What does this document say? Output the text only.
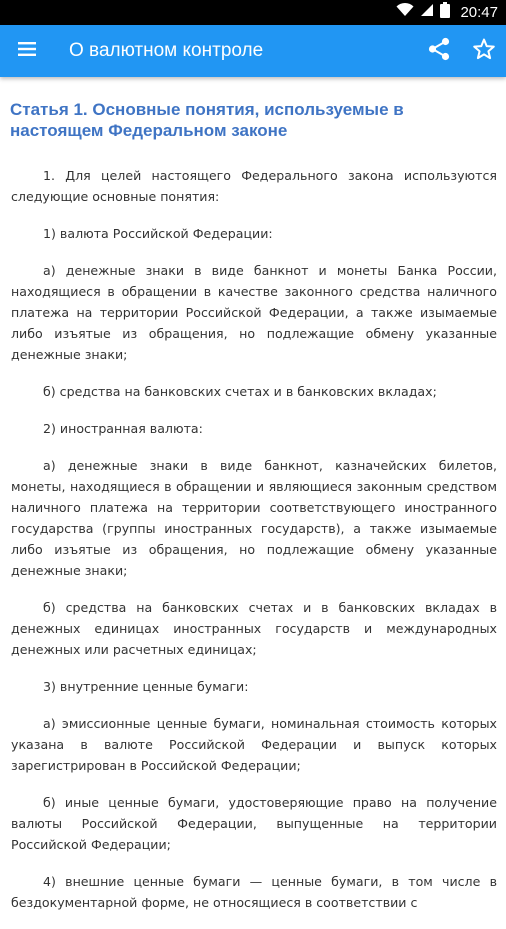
20:47
О валютном контроле
Статья 1. Основные понятия, используемые в настоящем Федеральном законе

1. Для целей настоящего Федерального закона используются следующие основные понятия:

1) валюта Российской Федерации:

а) денежные знаки в виде банкнот и монеты Банка России, находящиеся в обращении в качестве законного средства наличного платежа на территории Российской Федерации, а также изымаемые либо изъятые из обращения, но подлежащие обмену указанные денежные знаки;

б) средства на банковских счетах и в банковских вкладах;

2) иностранная валюта:

а) денежные знаки в виде банкнот, казначейских билетов, монеты, находящиеся в обращении и являющиеся законным средством наличного платежа на территории соответствующего иностранного государства (группы иностранных государств), а также изымаемые либо изъятые из обращения, но подлежащие обмену указанные денежные знаки;

б) средства на банковских счетах и в банковских вкладах в денежных единицах иностранных государств и международных денежных или расчетных единицах;

3) внутренние ценные бумаги:

а) эмиссионные ценные бумаги, номинальная стоимость которых указана в валюте Российской Федерации и выпуск которых зарегистрирован в Российской Федерации;

б) иные ценные бумаги, удостоверяющие право на получение валюты Российской Федерации, выпущенные на территории Российской Федерации;

4) внешние ценные бумаги — ценные бумаги, в том числе в бездокументарной форме, не относящиеся в соответствии с
